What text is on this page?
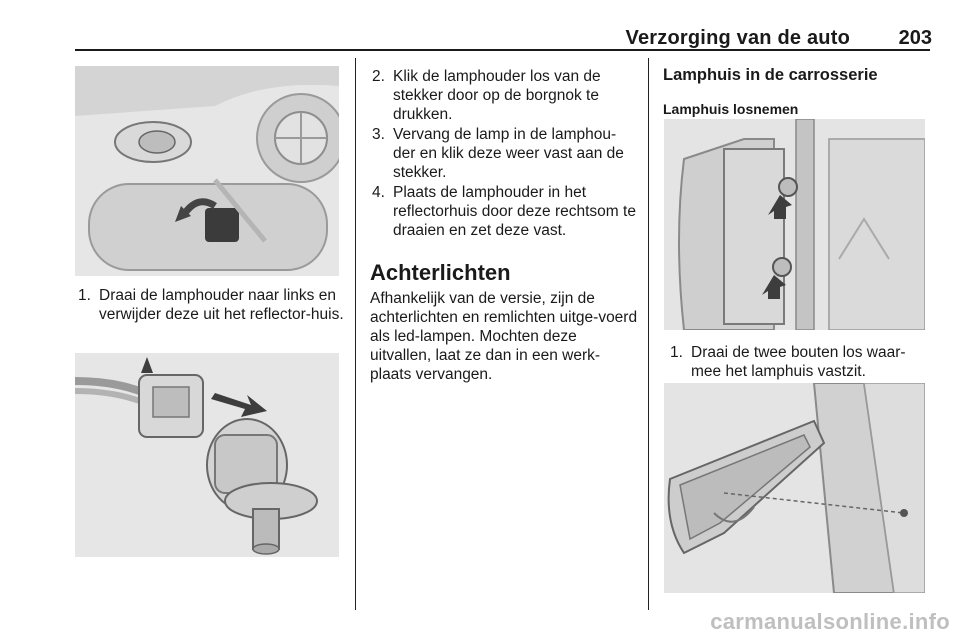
Verzorging van de auto	203
1. Draai de lamphouder naar links en verwijder deze uit het reflector-huis.
2. Klik de lamphouder los van de stekker door op de borgnok te drukken.
3. Vervang de lamp in de lamphou-der en klik deze weer vast aan de stekker.
4. Plaats de lamphouder in het reflectorhuis door deze rechtsom te draaien en zet deze vast.
Achterlichten
Afhankelijk van de versie, zijn de achterlichten en remlichten uitge-voerd als led-lampen. Mochten deze uitvallen, laat ze dan in een werk-plaats vervangen.
Lamphuis in de carrosserie
Lamphuis losnemen
1. Draai de twee bouten los waar-mee het lamphuis vastzit.
carmanualsonline.info
